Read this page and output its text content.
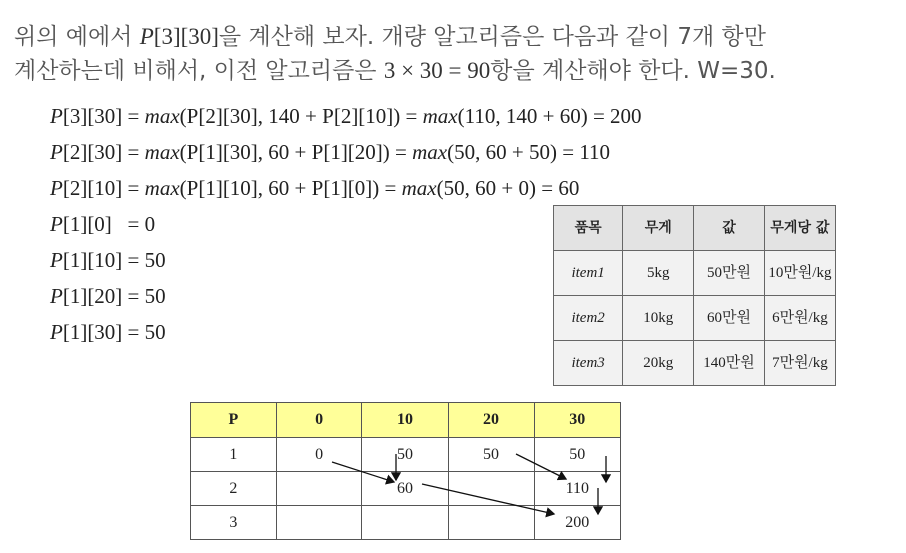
위의 예에서 P[3][30]을 계산해 보자. 개량 알고리즘은 다음과 같이 7개 항만
계산하는데 비해서, 이전 알고리즘은 3 × 30 = 90항을 계산해야 한다. W=30.
P[3][30] = max(P[2][30], 140 + P[2][10]) = max(110, 140 + 60) = 200
P[2][30] = max(P[1][30], 60 + P[1][20]) = max(50, 60 + 50) = 110
P[2][10] = max(P[1][10], 60 + P[1][0]) = max(50, 60 + 0) = 60
P[1][0]   = 0
P[1][10] = 50
P[1][20] = 50
P[1][30] = 50
품목	무게	값	무게당 값
item1	5kg	50만원	10만원/kg
item2	10kg	60만원	6만원/kg
item3	20kg	140만원	7만원/kg
P	0	10	20	30
1	0	50	50	50
2		60		110
3				200
